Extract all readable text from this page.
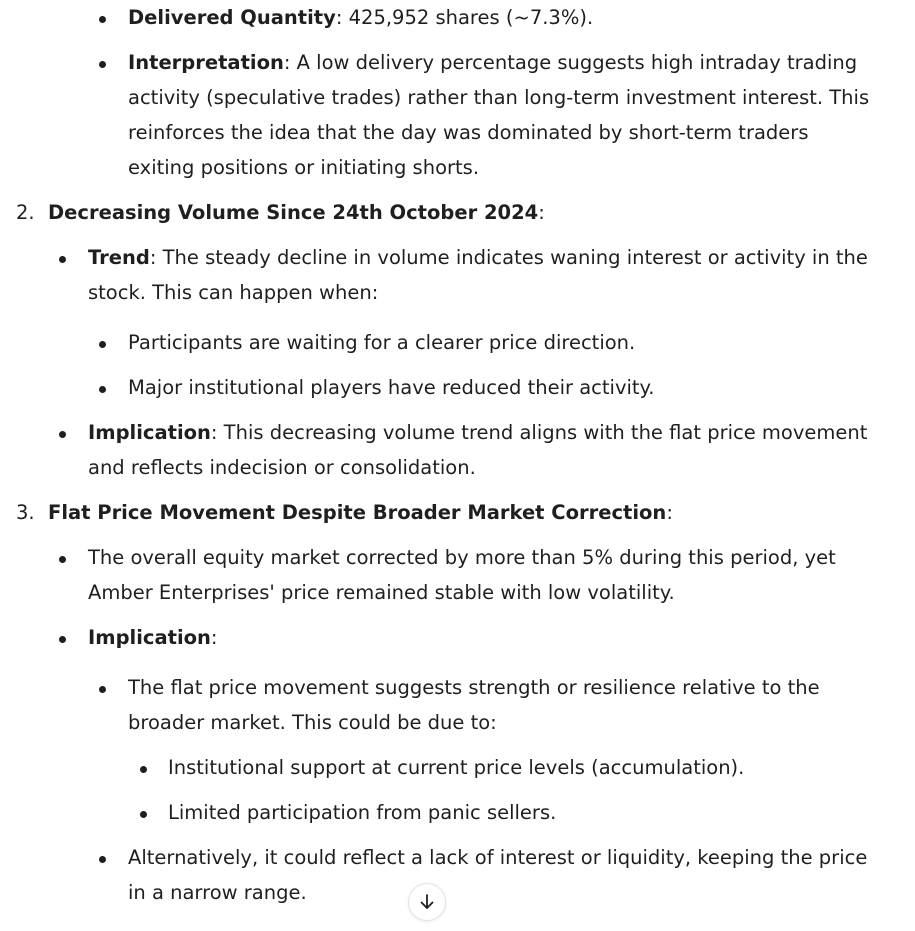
Delivered Quantity: 425,952 shares (~7.3%).
Interpretation: A low delivery percentage suggests high intraday trading
activity (speculative trades) rather than long-term investment interest. This
reinforces the idea that the day was dominated by short-term traders
exiting positions or initiating shorts.
2. Decreasing Volume Since 24th October 2024:
Trend: The steady decline in volume indicates waning interest or activity in the
stock. This can happen when:
Participants are waiting for a clearer price direction.
Major institutional players have reduced their activity.
Implication: This decreasing volume trend aligns with the flat price movement
and reflects indecision or consolidation.
3. Flat Price Movement Despite Broader Market Correction:
The overall equity market corrected by more than 5% during this period, yet
Amber Enterprises' price remained stable with low volatility.
Implication:
The flat price movement suggests strength or resilience relative to the
broader market. This could be due to:
Institutional support at current price levels (accumulation).
Limited participation from panic sellers.
Alternatively, it could reflect a lack of interest or liquidity, keeping the price
in a narrow range.
